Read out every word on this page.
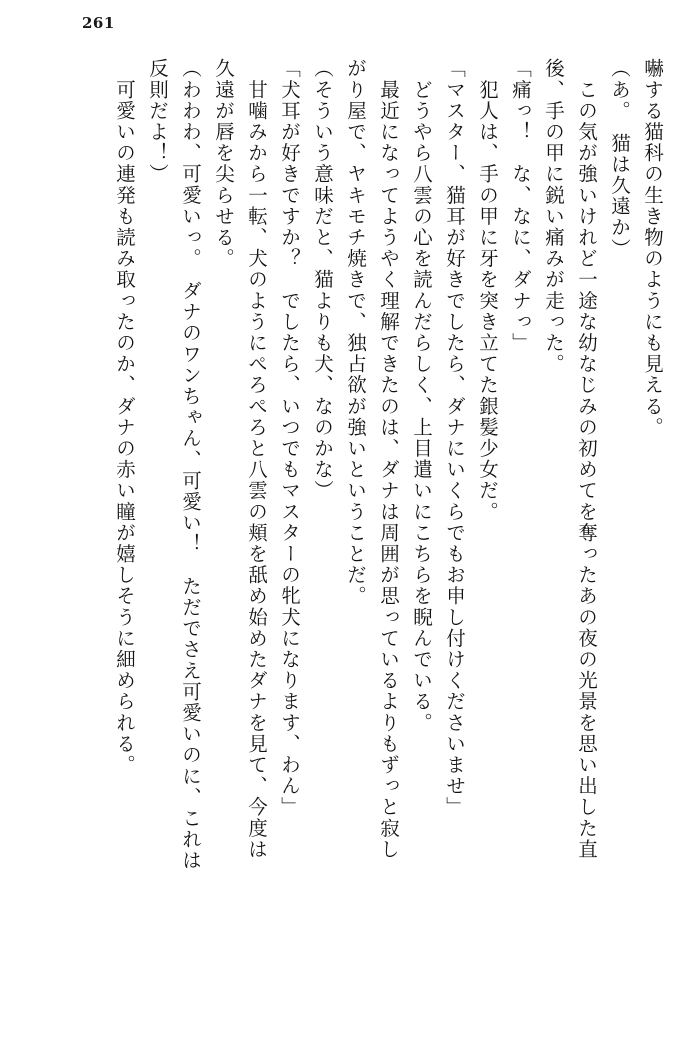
261
嚇する猫科の生き物のようにも見える。
（あ。　猫は久遠か）
　この気が強いけれど一途な幼なじみの初めてを奪ったあの夜の光景を思い出した直
後、手の甲に鋭い痛みが走った。
「痛っ！　な、なに、ダナっ」
　犯人は、手の甲に牙を突き立てた銀髪少女だ。
「マスター、猫耳が好きでしたら、ダナにいくらでもお申し付けくださいませ」
　どうやら八雲の心を読んだらしく、上目遣いにこちらを睨んでいる。
　最近になってようやく理解できたのは、ダナは周囲が思っているよりもずっと寂し
がり屋で、ヤキモチ焼きで、独占欲が強いということだ。
（そういう意味だと、猫よりも犬、なのかな）
「犬耳が好きですか？　でしたら、いつでもマスターの牝犬になります、わん」
　甘噛みから一転、犬のようにぺろぺろと八雲の頬を舐め始めたダナを見て、今度は
久遠が唇を尖らせる。
（わわわ、可愛いっ。　ダナのワンちゃん、可愛い！　ただでさえ可愛いのに、これは
反則だよ！）
　可愛いの連発も読み取ったのか、ダナの赤い瞳が嬉しそうに細められる。
